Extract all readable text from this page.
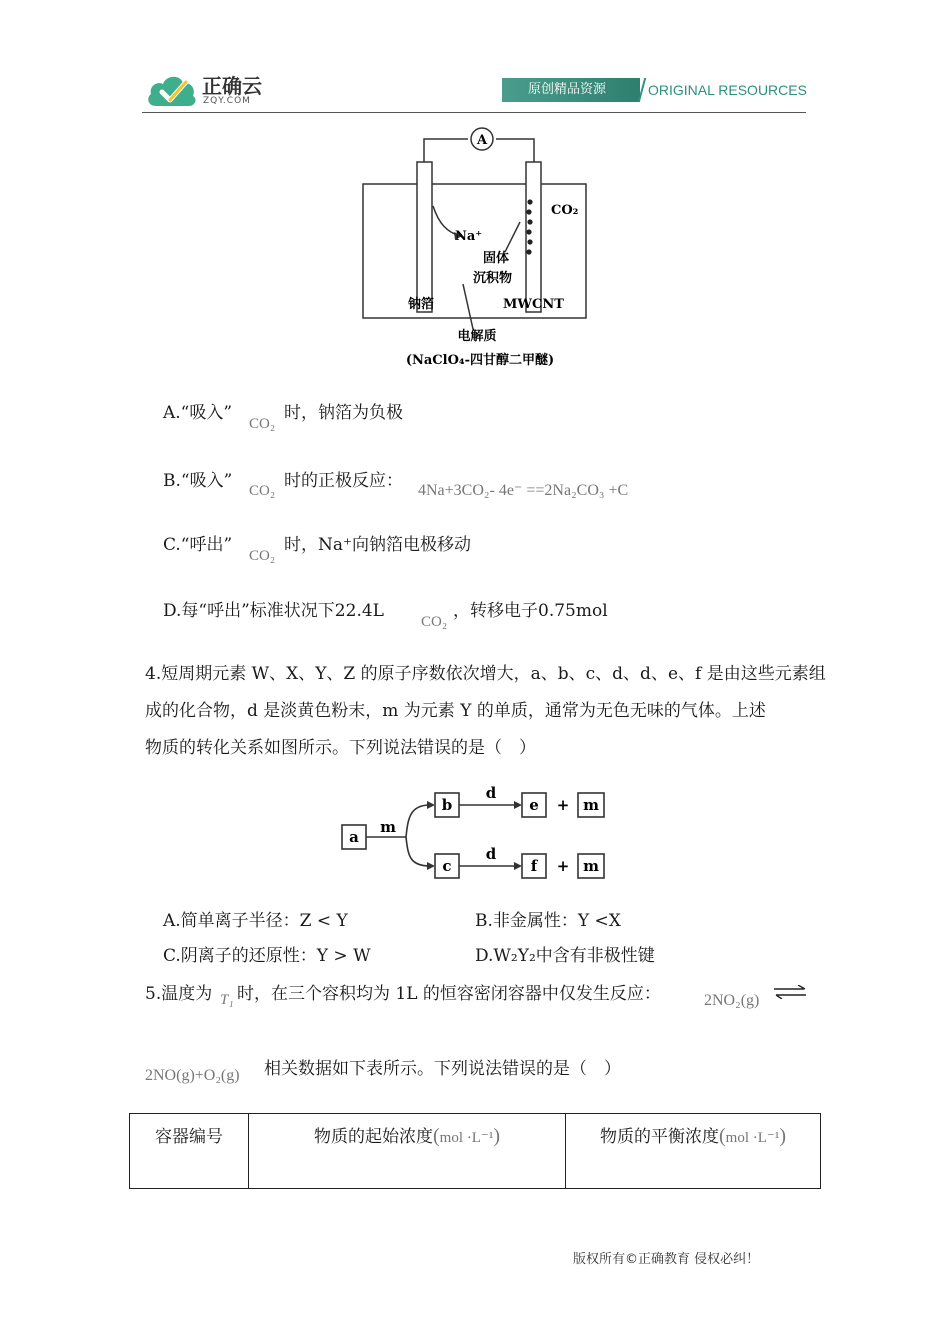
正确云
ZQY.COM
原创精品资源	ORIGINAL RESOURCES
A
Na⁺
CO₂
固体
沉积物
钠箔	MWCNT
电解质
(NaClO₄-四甘醇二甲醚)
A.“吸入”
CO₂
时，钠箔为负极
B.“吸入” CO₂ 时的正极反应： 4Na+3CO₂- 4e⁻ ==2Na₂CO₃ +C
C.“呼出”
CO₂
时，Na⁺向钠箔电极移动
D.每“呼出”标准状况下22.4L
CO₂
，转移电子0.75mol
4.短周期元素 W、X、Y、Z 的原子序数依次增大，a、b、c、d、d、e、f 是由这些元素组
成的化合物，d 是淡黄色粉末，m 为元素 Y 的单质，通常为无色无味的气体。上述
物质的转化关系如图所示。下列说法错误的是（　）
a
m
b
c
d
d
e
f
+
+
m
m
A.简单离子半径：Z < Y	B.非金属性：Y <X
C.阴离子的还原性：Y > W	D.W₂Y₂中含有非极性键
5.温度为 T₁ 时，在三个容积均为 1L 的恒容密闭容器中仅发生反应：	2NO₂(g) ⇌
2NO(g)+O₂(g) 相关数据如下表所示。下列说法错误的是（　）
容器编号	物质的起始浓度(mol ·L⁻¹)	物质的平衡浓度(mol ·L⁻¹)
版权所有©正确教育 侵权必纠！
